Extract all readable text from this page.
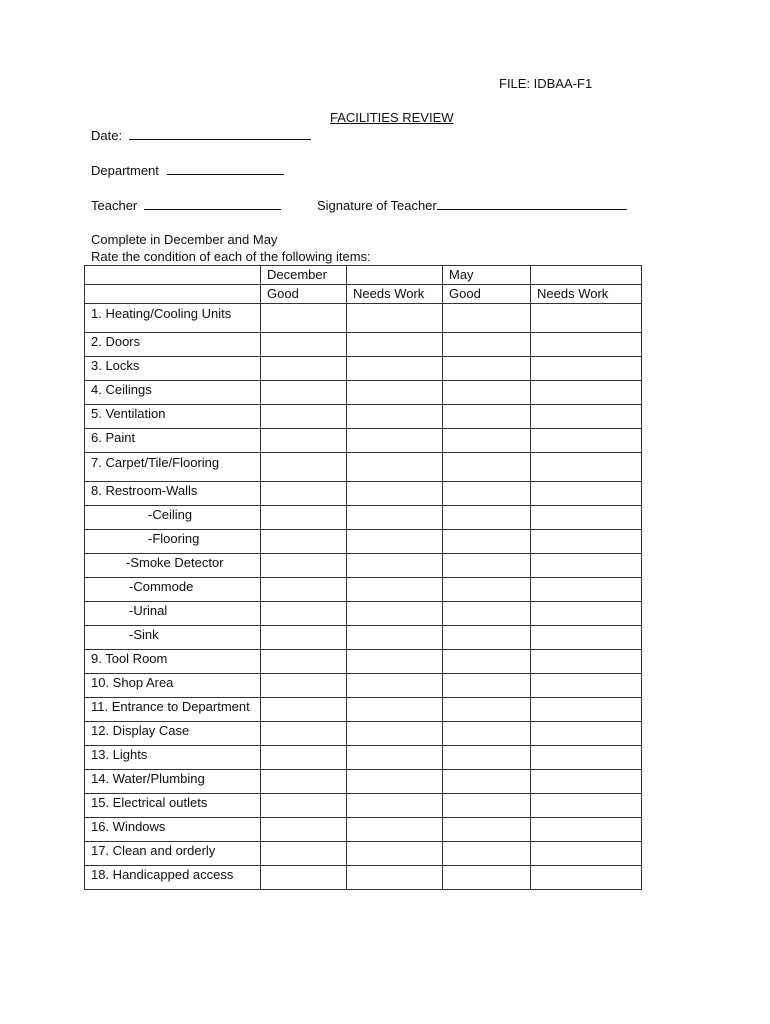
FILE: IDBAA-F1
FACILITIES REVIEW
Date:
Department
Teacher	Signature of Teacher
Complete in December and May
Rate the condition of each of the following items:
	December		May	
	Good	Needs Work	Good	Needs Work
1. Heating/Cooling Units				
2. Doors				
3. Locks				
4. Ceilings				
5. Ventilation				
6. Paint				
7. Carpet/Tile/Flooring				
8. Restroom-Walls				
-Ceiling				
-Flooring				
-Smoke Detector				
-Commode				
-Urinal				
-Sink				
9. Tool Room				
10. Shop Area				
11. Entrance to Department				
12. Display Case				
13. Lights				
14. Water/Plumbing				
15. Electrical outlets				
16. Windows				
17. Clean and orderly				
18. Handicapped access				
